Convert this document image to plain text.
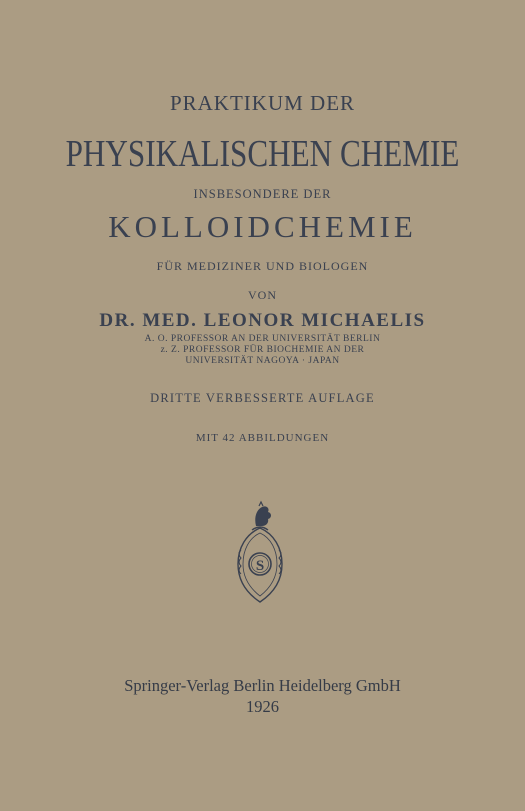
PRAKTIKUM DER
PHYSIKALISCHEN CHEMIE
INSBESONDERE DER
KOLLOIDCHEMIE
FÜR MEDIZINER UND BIOLOGEN
VON
DR. MED. LEONOR MICHAELIS
A. O. PROFESSOR AN DER UNIVERSITÄT BERLIN
z. Z. PROFESSOR FÜR BIOCHEMIE AN DER
UNIVERSITÄT NAGOYA · JAPAN
DRITTE VERBESSERTE AUFLAGE
MIT 42 ABBILDUNGEN
S
Springer-Verlag Berlin Heidelberg GmbH
1926
